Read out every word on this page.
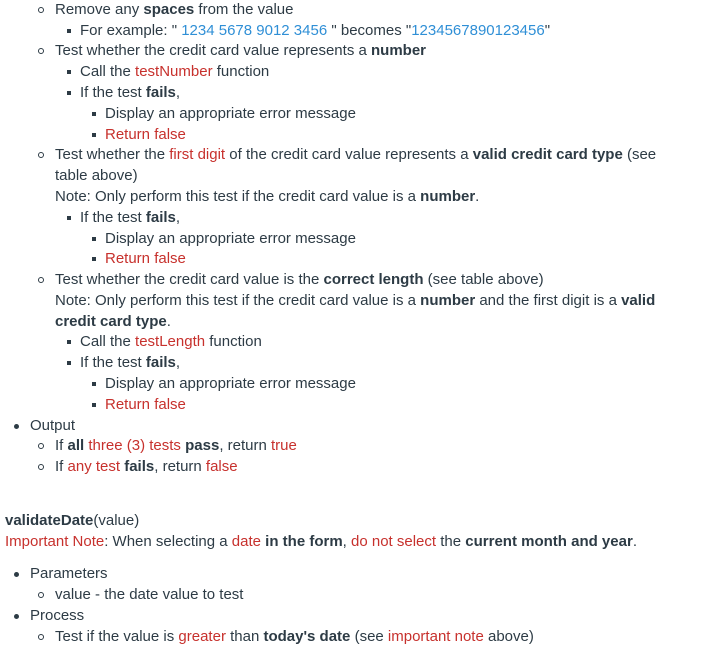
Remove any spaces from the value
For example: " 1234 5678 9012 3456 " becomes "1234567890123456"
Test whether the credit card value represents a number
Call the testNumber function
If the test fails,
Display an appropriate error message
Return false
Test whether the first digit of the credit card value represents a valid credit card type (see
table above)
Note: Only perform this test if the credit card value is a number.
If the test fails,
Display an appropriate error message
Return false
Test whether the credit card value is the correct length (see table above)
Note: Only perform this test if the credit card value is a number and the first digit is a valid
credit card type.
Call the testLength function
If the test fails,
Display an appropriate error message
Return false
Output
If all three (3) tests pass, return true
If any test fails, return false
validateDate(value)
Important Note: When selecting a date in the form, do not select the current month and year.
Parameters
value - the date value to test
Process
Test if the value is greater than today's date (see important note above)
